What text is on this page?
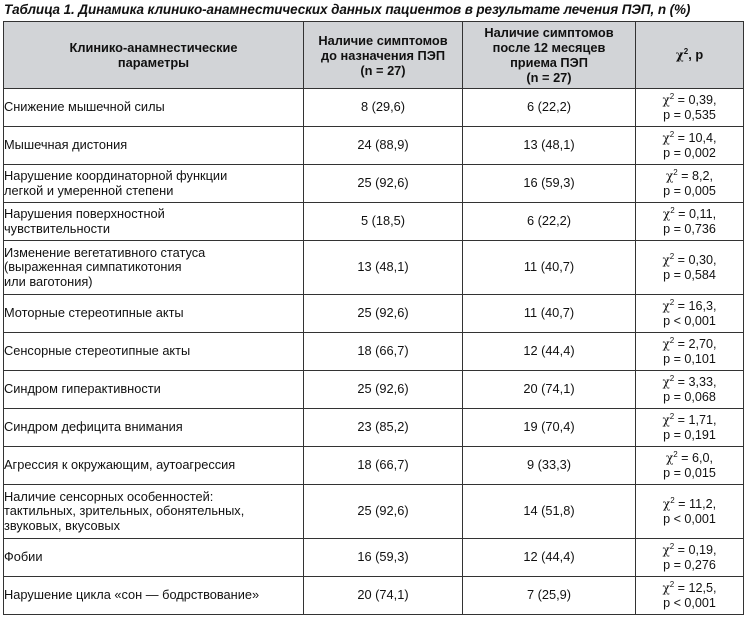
Таблица 1. Динамика клинико-анамнестических данных пациентов в результате лечения ПЭП, n (%)
Клинико-анамнестические
параметры	Наличие симптомов
до назначения ПЭП
(n = 27)	Наличие симптомов
после 12 месяцев
приема ПЭП
(n = 27)	$\chi^2$, p

Снижение мышечной силы	8 (29,6)	6 (22,2)	$\chi^2 = 0,39$,
p = 0,535

Мышечная дистония	24 (88,9)	13 (48,1)	$\chi^2 = 10,4$,
p = 0,002

Нарушение координаторной функции
легкой и умеренной степени	25 (92,6)	16 (59,3)	$\chi^2 = 8,2$,
p = 0,005

Нарушения поверхностной
чувствительности	5 (18,5)	6 (22,2)	$\chi^2 = 0,11$,
p = 0,736

Изменение вегетативного статуса
(выраженная симпатикотония
или ваготония)	13 (48,1)	11 (40,7)	$\chi^2 = 0,30$,
p = 0,584

Моторные стереотипные акты	25 (92,6)	11 (40,7)	$\chi^2 = 16,3$,
p < 0,001

Сенсорные стереотипные акты	18 (66,7)	12 (44,4)	$\chi^2 = 2,70$,
p = 0,101

Синдром гиперактивности	25 (92,6)	20 (74,1)	$\chi^2 = 3,33$,
p = 0,068

Синдром дефицита внимания	23 (85,2)	19 (70,4)	$\chi^2 = 1,71$,
p = 0,191

Агрессия к окружающим, аутоагрессия	18 (66,7)	9 (33,3)	$\chi^2 = 6,0$,
p = 0,015

Наличие сенсорных особенностей:
тактильных, зрительных, обонятельных,
звуковых, вкусовых	25 (92,6)	14 (51,8)	$\chi^2 = 11,2$,
p < 0,001

Фобии	16 (59,3)	12 (44,4)	$\chi^2 = 0,19$,
p = 0,276

Нарушение цикла «сон — бодрствование»	20 (74,1)	7 (25,9)	$\chi^2 = 12,5$,
p < 0,001
